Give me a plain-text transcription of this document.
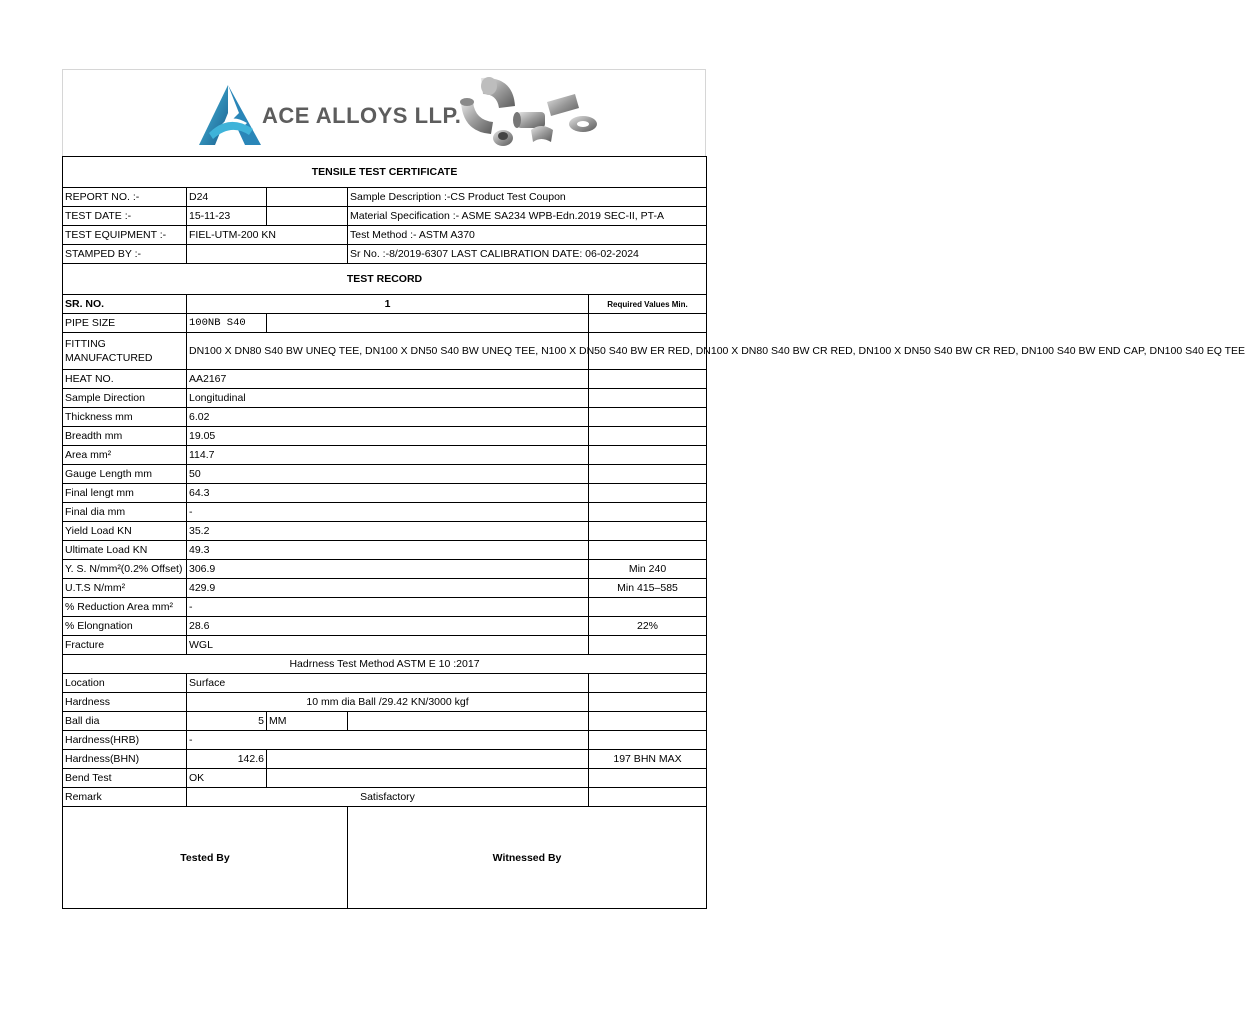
ACE ALLOYS LLP.
TENSILE TEST CERTIFICATE				
REPORT NO. :-	D24		Sample Description :-CS Product Test Coupon	
TEST DATE :-	15-11-23		Material Specification :- ASME SA234 WPB-Edn.2019 SEC-II, PT-A	
TEST EQUIPMENT :-	FIEL-UTM-200 KN		Test Method :- ASTM A370	
STAMPED BY :-			Sr No. :-8/2019-6307 LAST CALIBRATION DATE: 06-02-2024	
TEST RECORD				
SR. NO.	1			Required Values Min.
PIPE SIZE	100NB S40			
FITTING
MANUFACTURED	DN100 X DN80 S40 BW UNEQ TEE, DN100 X DN50 S40 BW UNEQ TEE, N100 X DN50 S40 BW ER RED, DN100 X DN80 S40 BW CR RED, DN100 X DN50 S40 BW CR RED, DN100 S40 BW END CAP, DN100 S40 EQ TEE			
HEAT NO.	AA2167			
Sample Direction	Longitudinal			
Thickness mm	6.02			
Breadth mm	19.05			
Area mm²	114.7			
Gauge Length mm	50			
Final lengt mm	64.3			
Final dia mm	-			
Yield Load KN	35.2			
Ultimate Load KN	49.3			
Y. S. N/mm²(0.2% Offset)	306.9			Min 240
U.T.S N/mm²	429.9			Min 415–585
% Reduction Area mm²	-			
% Elongnation	28.6			22%
Fracture	WGL			
Hadrness Test Method ASTM E 10 :2017				
Location	Surface			
Hardness	10 mm dia Ball /29.42 KN/3000 kgf			
Ball dia	5	MM		
Hardness(HRB)	-			
Hardness(BHN)	142.6			197 BHN MAX
Bend Test	OK			
Remark	Satisfactory			
Tested By			Witnessed By	
